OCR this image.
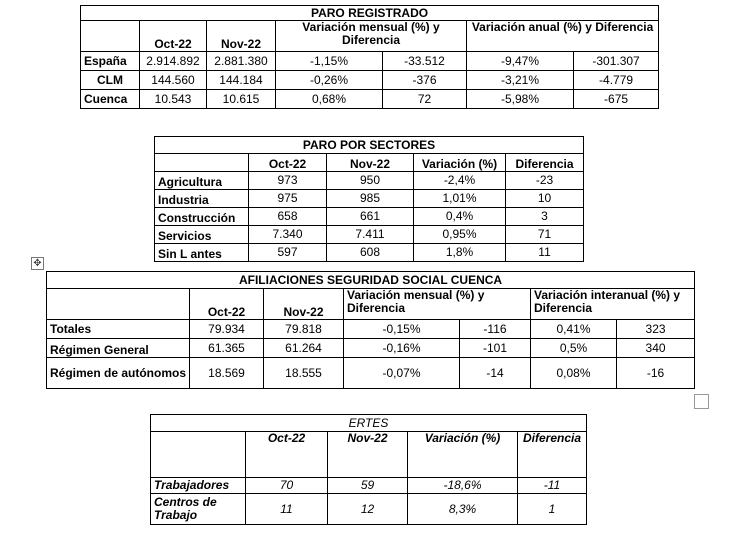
PARO REGISTRADO						
	Oct-22	Nov-22	Variación mensual (%) y Diferencia		Variación anual (%) y Diferencia	
España	2.914.892	2.881.380	-1,15%	-33.512	-9,47%	-301.307
CLM	144.560	144.184	-0,26%	-376	-3,21%	-4.779
Cuenca	10.543	10.615	0,68%	72	-5,98%	-675
PARO POR SECTORES				
	Oct-22	Nov-22	Variación (%)	Diferencia
Agricultura	973	950	-2,4%	-23
Industria	975	985	1,01%	10
Construcción	658	661	0,4%	3
Servicios	7.340	7.411	0,95%	71
Sin L antes	597	608	1,8%	11
✥
AFILIACIONES SEGURIDAD SOCIAL CUENCA						
	Oct-22	Nov-22	Variación mensual (%) y Diferencia		Variación interanual (%) y Diferencia	
Totales	79.934	79.818	-0,15%	-116	0,41%	323
Régimen General	61.365	61.264	-0,16%	-101	0,5%	340
Régimen de autónomos	18.569	18.555	-0,07%	-14	0,08%	-16
ERTES				
	Oct-22	Nov-22	Variación (%)	Diferencia
Trabajadores	70	59	-18,6%	-11
Centros de Trabajo	11	12	8,3%	1
